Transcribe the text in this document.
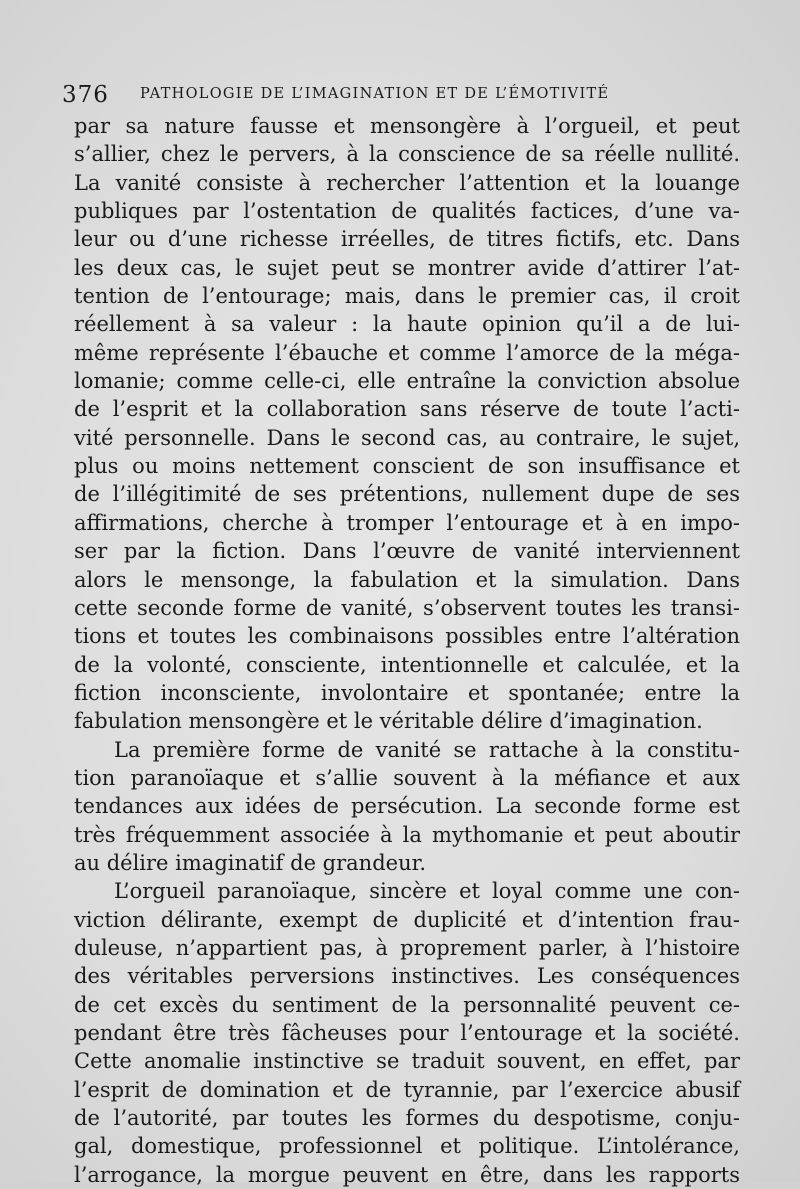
376 PATHOLOGIE DE L’IMAGINATION ET DE L’ÉMOTIVITÉ
par sa nature fausse et mensongère à l’orgueil, et peut
s’allier, chez le pervers, à la conscience de sa réelle nullité.
La vanité consiste à rechercher l’attention et la louange
publiques par l’ostentation de qualités factices, d’une va-
leur ou d’une richesse irréelles, de titres fictifs, etc. Dans
les deux cas, le sujet peut se montrer avide d’attirer l’at-
tention de l’entourage; mais, dans le premier cas, il croit
réellement à sa valeur : la haute opinion qu’il a de lui-
même représente l’ébauche et comme l’amorce de la méga-
lomanie; comme celle-ci, elle entraîne la conviction absolue
de l’esprit et la collaboration sans réserve de toute l’acti-
vité personnelle. Dans le second cas, au contraire, le sujet,
plus ou moins nettement conscient de son insuffisance et
de l’illégitimité de ses prétentions, nullement dupe de ses
affirmations, cherche à tromper l’entourage et à en impo-
ser par la fiction. Dans l’œuvre de vanité interviennent
alors le mensonge, la fabulation et la simulation. Dans
cette seconde forme de vanité, s’observent toutes les transi-
tions et toutes les combinaisons possibles entre l’altération
de la volonté, consciente, intentionnelle et calculée, et la
fiction inconsciente, involontaire et spontanée; entre la
fabulation mensongère et le véritable délire d’imagination.
La première forme de vanité se rattache à la constitu-
tion paranoïaque et s’allie souvent à la méfiance et aux
tendances aux idées de persécution. La seconde forme est
très fréquemment associée à la mythomanie et peut aboutir
au délire imaginatif de grandeur.
L’orgueil paranoïaque, sincère et loyal comme une con-
viction délirante, exempt de duplicité et d’intention frau-
duleuse, n’appartient pas, à proprement parler, à l’histoire
des véritables perversions instinctives. Les conséquences
de cet excès du sentiment de la personnalité peuvent ce-
pendant être très fâcheuses pour l’entourage et la société.
Cette anomalie instinctive se traduit souvent, en effet, par
l’esprit de domination et de tyrannie, par l’exercice abusif
de l’autorité, par toutes les formes du despotisme, conju-
gal, domestique, professionnel et politique. L’intolérance,
l’arrogance, la morgue peuvent en être, dans les rapports
